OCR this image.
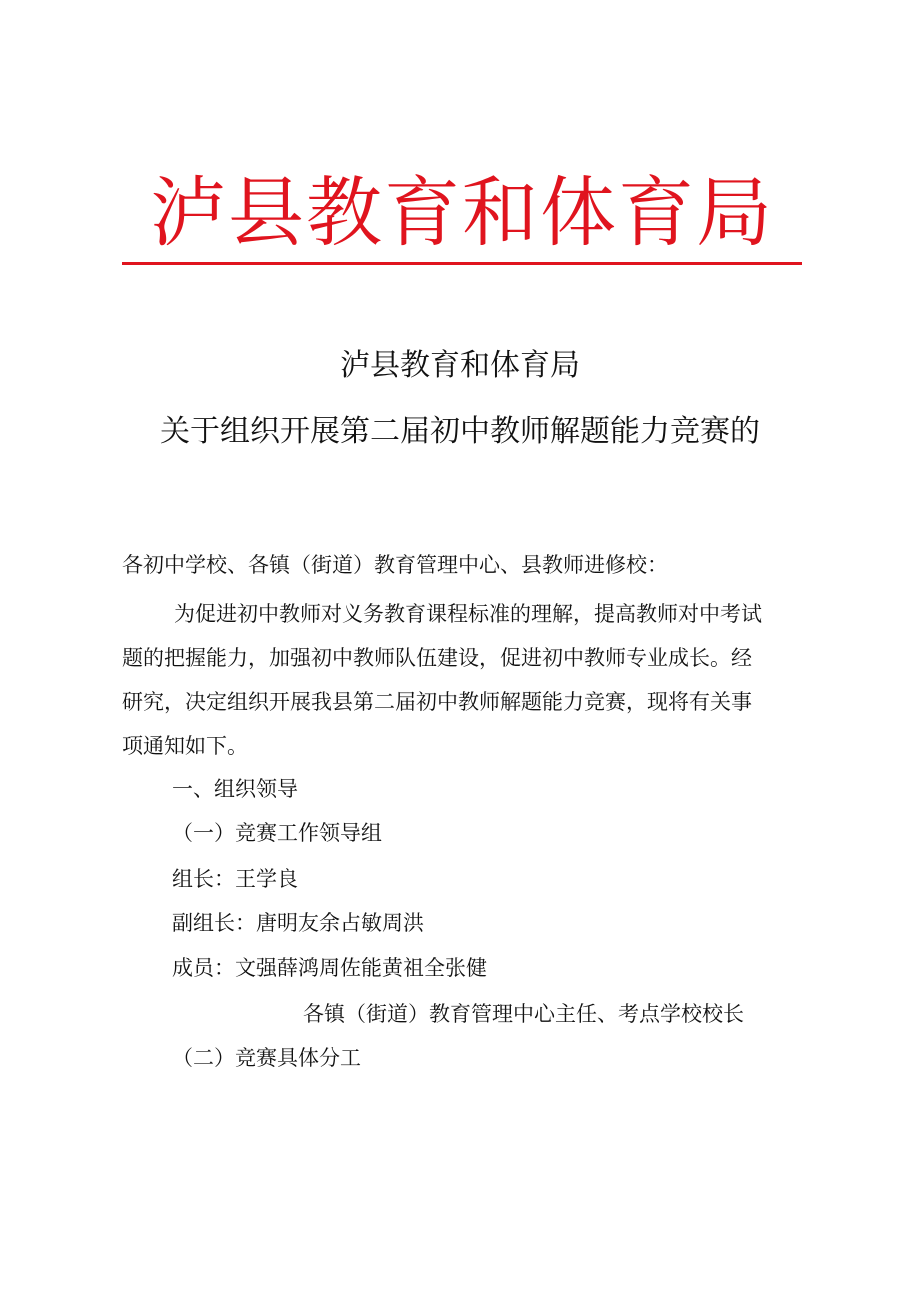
泸县教育和体育局
泸县教育和体育局
关于组织开展第二届初中教师解题能力竞赛的
各初中学校、各镇（街道）教育管理中心、县教师进修校：
为促进初中教师对义务教育课程标准的理解，提高教师对中考试
题的把握能力，加强初中教师队伍建设，促进初中教师专业成长。经
研究，决定组织开展我县第二届初中教师解题能力竞赛，现将有关事
项通知如下。
一、组织领导
（一）竞赛工作领导组
组长：王学良
副组长：唐明友余占敏周洪
成员：文强薛鸿周佐能黄祖全张健
各镇（街道）教育管理中心主任、考点学校校长
（二）竞赛具体分工
